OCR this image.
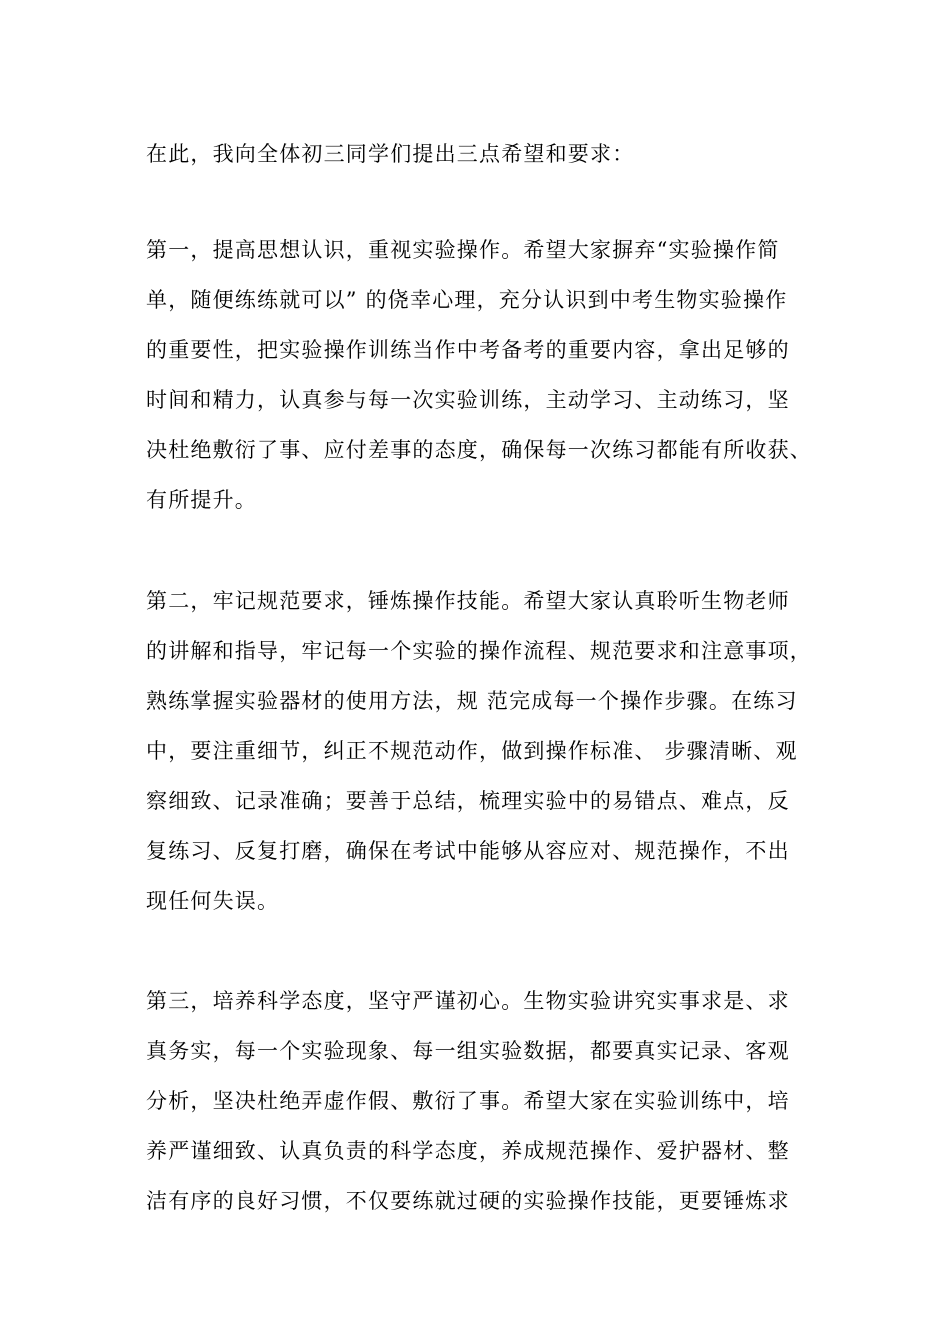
在此，我向全体初三同学们提出三点希望和要求：
第一，提高思想认识，重视实验操作。希望大家摒弃“实验操作简
单，随便练练就可以” 的侥幸心理，充分认识到中考生物实验操作
的重要性，把实验操作训练当作中考备考的重要内容，拿出足够的
时间和精力，认真参与每一次实验训练，主动学习、主动练习，坚
决杜绝敷衍了事、应付差事的态度，确保每一次练习都能有所收获、
有所提升。
第二，牢记规范要求，锤炼操作技能。希望大家认真聆听生物老师
的讲解和指导，牢记每一个实验的操作流程、规范要求和注意事项，
熟练掌握实验器材的使用方法，规 范完成每一个操作步骤。在练习
中，要注重细节，纠正不规范动作，做到操作标准、 步骤清晰、观
察细致、记录准确；要善于总结，梳理实验中的易错点、难点，反
复练习、反复打磨，确保在考试中能够从容应对、规范操作，不出
现任何失误。
第三，培养科学态度，坚守严谨初心。生物实验讲究实事求是、求
真务实，每一个实验现象、每一组实验数据，都要真实记录、客观
分析，坚决杜绝弄虚作假、敷衍了事。希望大家在实验训练中，培
养严谨细致、认真负责的科学态度，养成规范操作、爱护器材、整
洁有序的良好习惯，不仅要练就过硬的实验操作技能，更要锤炼求
